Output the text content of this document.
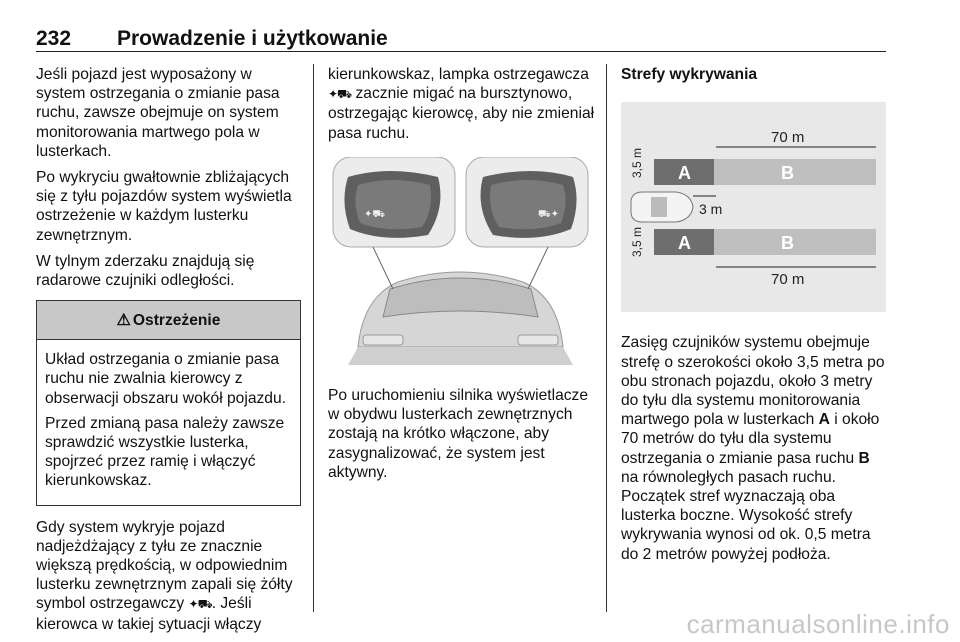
232 Prowadzenie i użytkowanie

Jeśli pojazd jest wyposażony w system ostrzegania o zmianie pasa ruchu, zawsze obejmuje on system monitorowania martwego pola w lusterkach.

Po wykryciu gwałtownie zbliżających się z tyłu pojazdów system wyświetla ostrzeżenie w każdym lusterku zewnętrznym.

W tylnym zderzaku znajdują się radarowe czujniki odległości.

⚠ Ostrzeżenie

Układ ostrzegania o zmianie pasa ruchu nie zwalnia kierowcy z obserwacji obszaru wokół pojazdu.

Przed zmianą pasa należy zawsze sprawdzić wszystkie lusterka, spojrzeć przez ramię i włączyć kierunkowskaz.

Gdy system wykryje pojazd nadjeżdżający z tyłu ze znacznie większą prędkością, w odpowiednim lusterku zewnętrznym zapali się żółty symbol ostrzegawczy ✦⛟. Jeśli kierowca w takiej sytuacji włączy

kierunkowskaz, lampka ostrzegawcza ✦⛟ zacznie migać na bursztynowo, ostrzegając kierowcę, aby nie zmieniał pasa ruchu.

✦⛟	⛟✦

Po uruchomieniu silnika wyświetlacze w obydwu lusterkach zewnętrznych zostają na krótko włączone, aby zasygnalizować, że system jest aktywny.

Strefy wykrywania
70 m
A	B
3,5 m
3 m
A	B
3,5 m
70 m

Zasięg czujników systemu obejmuje strefę o szerokości około 3,5 metra po obu stronach pojazdu, około 3 metry do tyłu dla systemu monitorowania martwego pola w lusterkach A i około 70 metrów do tyłu dla systemu ostrzegania o zmianie pasa ruchu B na równoległych pasach ruchu. Początek stref wyznaczają oba lusterka boczne. Wysokość strefy wykrywania wynosi od ok. 0,5 metra do 2 metrów powyżej podłoża.

carmanualsonline.info
